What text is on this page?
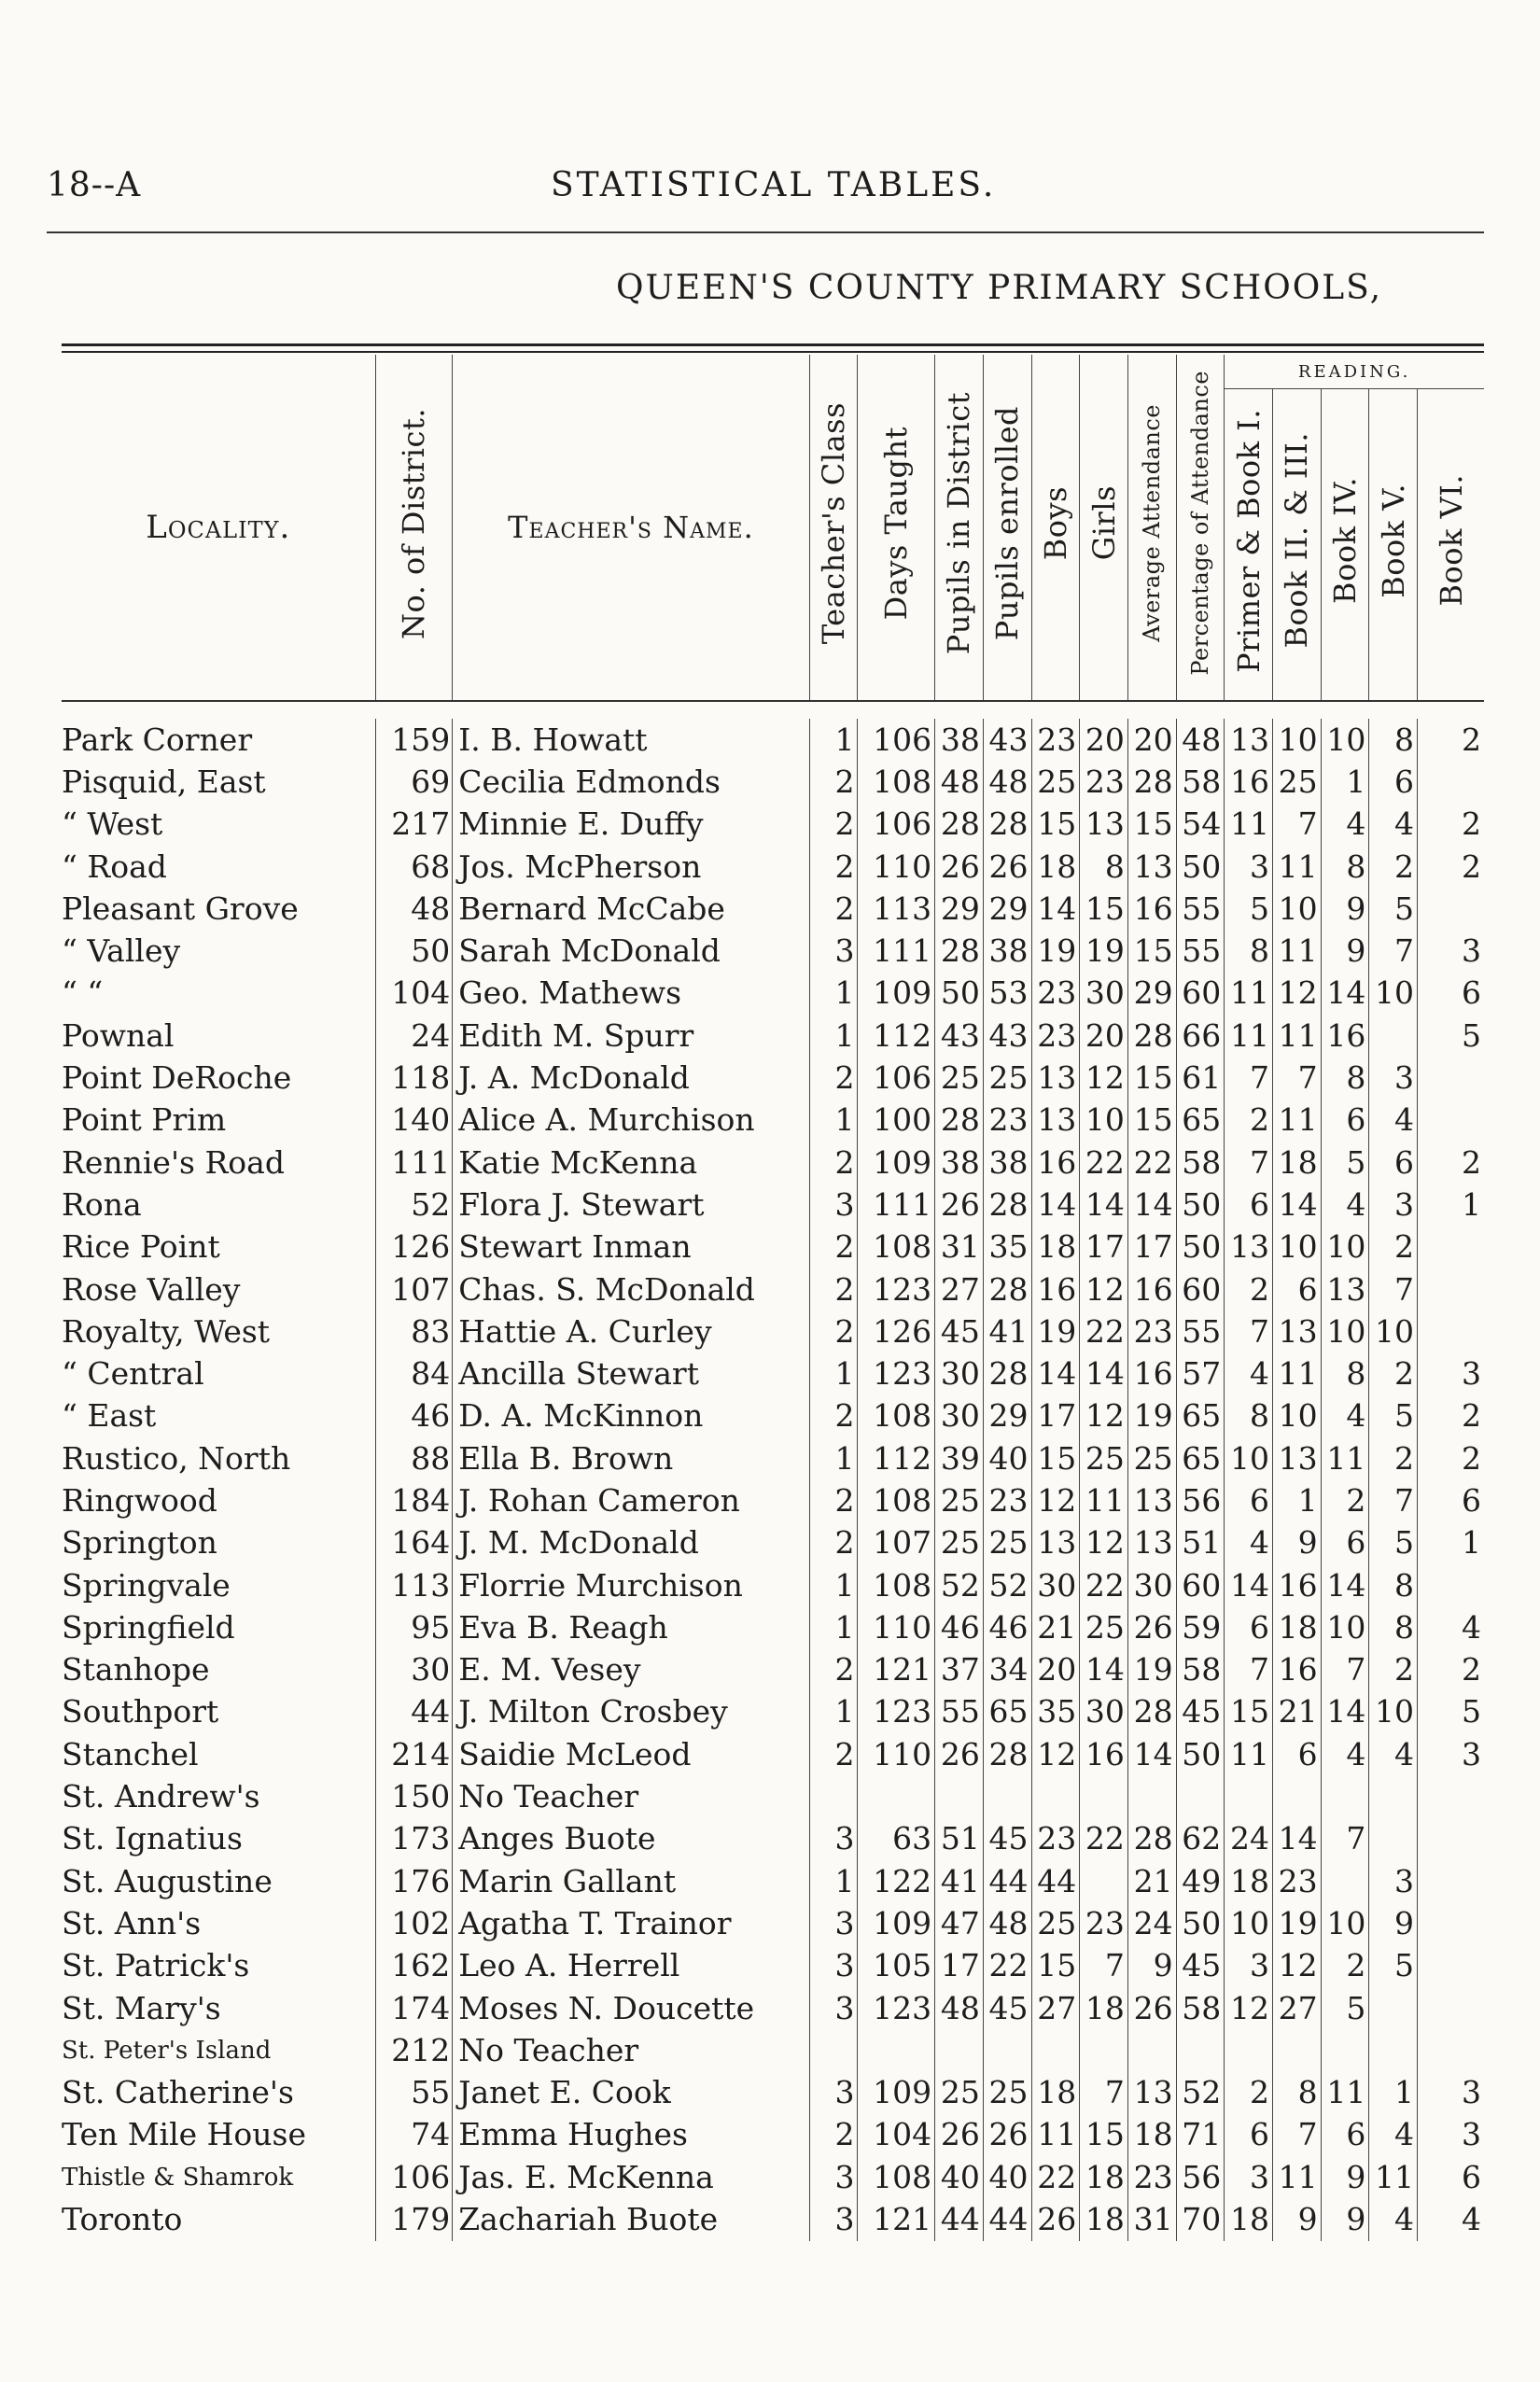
18--A	STATISTICAL TABLES.
QUEEN'S COUNTY PRIMARY SCHOOLS,
Locality.	No. of District.	Teacher's Name.	Teacher's Class	Days Taught	Pupils in District	Pupils enrolled	Boys	Girls	Average Attendance	Percentage of Attendance	READING.				
											Primer & Book I.	Book II. & III.	Book IV.	Book V.	Book VI.

Park Corner	159	I. B. Howatt	1	106	38	43	23	20	20	48	13	10	10	8	2
Pisquid, East	69	Cecilia Edmonds	2	108	48	48	25	23	28	58	16	25	1	6	
“ West	217	Minnie E. Duffy	2	106	28	28	15	13	15	54	11	7	4	4	2
“ Road	68	Jos. McPherson	2	110	26	26	18	8	13	50	3	11	8	2	2
Pleasant Grove	48	Bernard McCabe	2	113	29	29	14	15	16	55	5	10	9	5	
“ Valley	50	Sarah McDonald	3	111	28	38	19	19	15	55	8	11	9	7	3
“ “	104	Geo. Mathews	1	109	50	53	23	30	29	60	11	12	14	10	6
Pownal	24	Edith M. Spurr	1	112	43	43	23	20	28	66	11	11	16		5
Point DeRoche	118	J. A. McDonald	2	106	25	25	13	12	15	61	7	7	8	3	
Point Prim	140	Alice A. Murchison	1	100	28	23	13	10	15	65	2	11	6	4	
Rennie's Road	111	Katie McKenna	2	109	38	38	16	22	22	58	7	18	5	6	2
Rona	52	Flora J. Stewart	3	111	26	28	14	14	14	50	6	14	4	3	1
Rice Point	126	Stewart Inman	2	108	31	35	18	17	17	50	13	10	10	2	
Rose Valley	107	Chas. S. McDonald	2	123	27	28	16	12	16	60	2	6	13	7	
Royalty, West	83	Hattie A. Curley	2	126	45	41	19	22	23	55	7	13	10	10	
“ Central	84	Ancilla Stewart	1	123	30	28	14	14	16	57	4	11	8	2	3
“ East	46	D. A. McKinnon	2	108	30	29	17	12	19	65	8	10	4	5	2
Rustico, North	88	Ella B. Brown	1	112	39	40	15	25	25	65	10	13	11	2	2
Ringwood	184	J. Rohan Cameron	2	108	25	23	12	11	13	56	6	1	2	7	6
Springton	164	J. M. McDonald	2	107	25	25	13	12	13	51	4	9	6	5	1
Springvale	113	Florrie Murchison	1	108	52	52	30	22	30	60	14	16	14	8	
Springfield	95	Eva B. Reagh	1	110	46	46	21	25	26	59	6	18	10	8	4
Stanhope	30	E. M. Vesey	2	121	37	34	20	14	19	58	7	16	7	2	2
Southport	44	J. Milton Crosbey	1	123	55	65	35	30	28	45	15	21	14	10	5
Stanchel	214	Saidie McLeod	2	110	26	28	12	16	14	50	11	6	4	4	3
St. Andrew's	150	No Teacher													
St. Ignatius	173	Anges Buote	3	63	51	45	23	22	28	62	24	14	7		
St. Augustine	176	Marin Gallant	1	122	41	44	44		21	49	18	23		3	
St. Ann's	102	Agatha T. Trainor	3	109	47	48	25	23	24	50	10	19	10	9	
St. Patrick's	162	Leo A. Herrell	3	105	17	22	15	7	9	45	3	12	2	5	
St. Mary's	174	Moses N. Doucette	3	123	48	45	27	18	26	58	12	27	5		
St. Peter's Island	212	No Teacher													
St. Catherine's	55	Janet E. Cook	3	109	25	25	18	7	13	52	2	8	11	1	3
Ten Mile House	74	Emma Hughes	2	104	26	26	11	15	18	71	6	7	6	4	3
Thistle & Shamrok	106	Jas. E. McKenna	3	108	40	40	22	18	23	56	3	11	9	11	6
Toronto	179	Zachariah Buote	3	121	44	44	26	18	31	70	18	9	9	4	4
